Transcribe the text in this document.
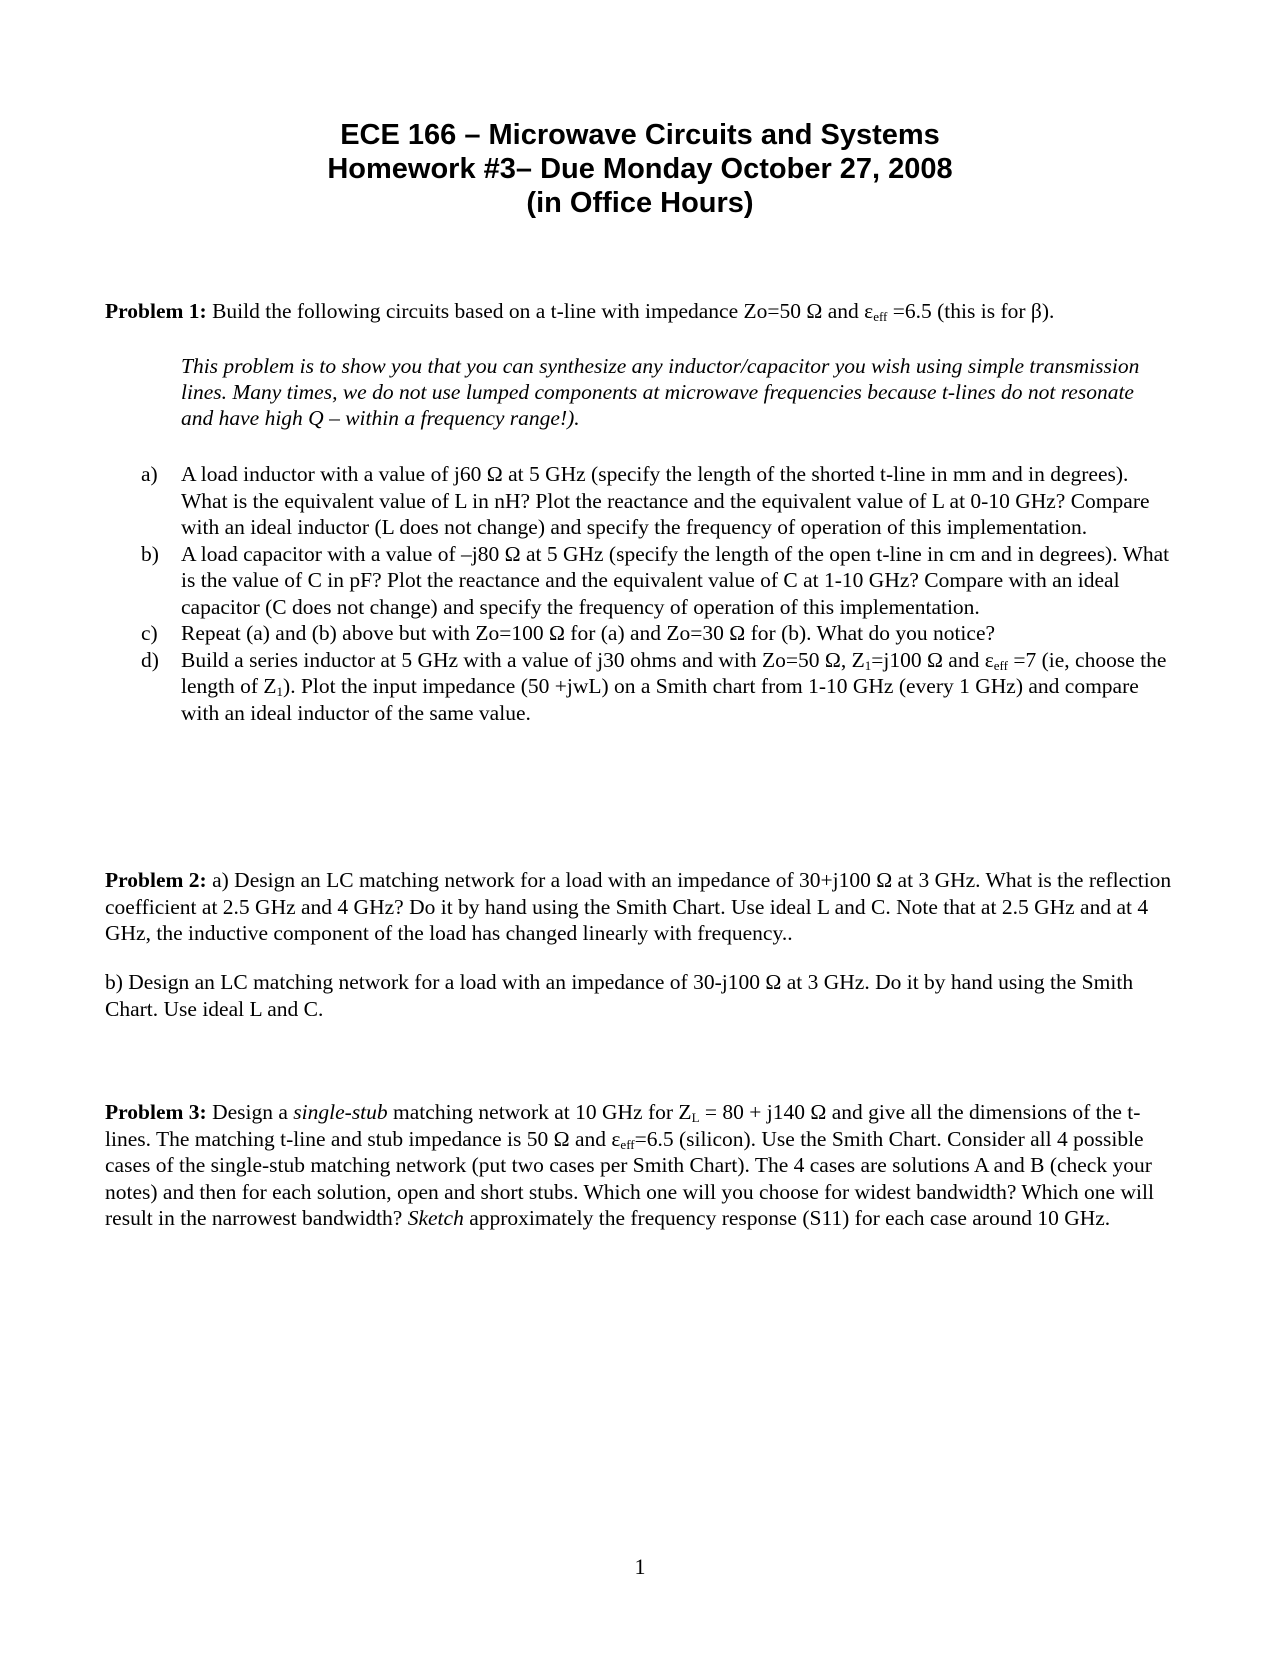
ECE 166 – Microwave Circuits and Systems
Homework #3– Due Monday October 27, 2008
(in Office Hours)
Problem 1: Build the following circuits based on a t-line with impedance Zo=50 Ω and $\varepsilon_{eff} =6.5$ (this is for β).
This problem is to show you that you can synthesize any inductor/capacitor you wish using simple transmission lines. Many times, we do not use lumped components at microwave frequencies because t-lines do not resonate and have high Q – within a frequency range!).
a) A load inductor with a value of j60 Ω at 5 GHz (specify the length of the shorted t-line in mm and in degrees). What is the equivalent value of L in nH? Plot the reactance and the equivalent value of L at 0-10 GHz? Compare with an ideal inductor (L does not change) and specify the frequency of operation of this implementation.
b) A load capacitor with a value of –j80 Ω at 5 GHz (specify the length of the open t-line in cm and in degrees). What is the value of C in pF? Plot the reactance and the equivalent value of C at 1-10 GHz? Compare with an ideal capacitor (C does not change) and specify the frequency of operation of this implementation.
c) Repeat (a) and (b) above but with Zo=100 Ω for (a) and Zo=30 Ω for (b). What do you notice?
d) Build a series inductor at 5 GHz with a value of j30 ohms and with Zo=50 Ω, $Z_1=j100$ Ω and $\varepsilon_{eff} =7$ (ie, choose the length of $Z_1$). Plot the input impedance (50 +jwL) on a Smith chart from 1-10 GHz (every 1 GHz) and compare with an ideal inductor of the same value.
Problem 2: a) Design an LC matching network for a load with an impedance of 30+j100 Ω at 3 GHz. What is the reflection coefficient at 2.5 GHz and 4 GHz? Do it by hand using the Smith Chart. Use ideal L and C. Note that at 2.5 GHz and at 4 GHz, the inductive component of the load has changed linearly with frequency..
b) Design an LC matching network for a load with an impedance of 30-j100 Ω at 3 GHz. Do it by hand using the Smith Chart. Use ideal L and C.
Problem 3: Design a single-stub matching network at 10 GHz for $Z_L = 80 + j140$ Ω and give all the dimensions of the t-lines. The matching t-line and stub impedance is 50 Ω and $\varepsilon_{eff}=6.5$ (silicon). Use the Smith Chart. Consider all 4 possible cases of the single-stub matching network (put two cases per Smith Chart). The 4 cases are solutions A and B (check your notes) and then for each solution, open and short stubs. Which one will you choose for widest bandwidth? Which one will result in the narrowest bandwidth? Sketch approximately the frequency response (S11) for each case around 10 GHz.
1
